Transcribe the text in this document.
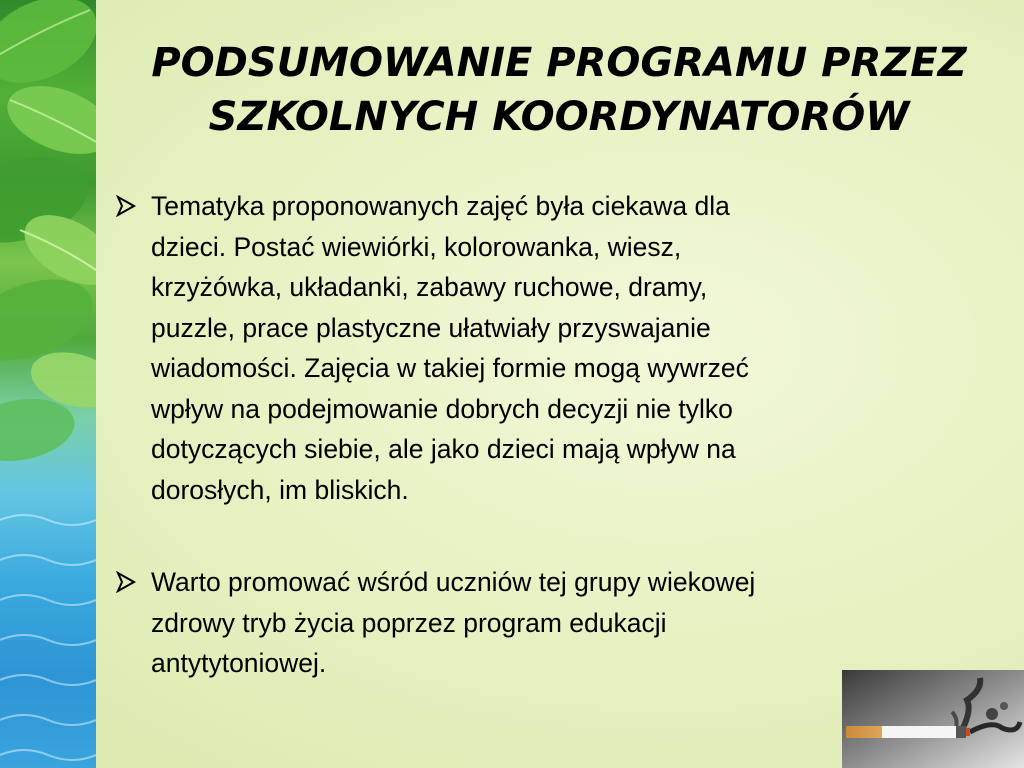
PODSUMOWANIE PROGRAMU PRZEZ
SZKOLNYCH KOORDYNATORÓW
Tematyka proponowanych zajęć była ciekawa dla
dzieci. Postać wiewiórki, kolorowanka, wiesz,
krzyżówka, układanki, zabawy ruchowe, dramy,
puzzle, prace plastyczne ułatwiały przyswajanie
wiadomości. Zajęcia w takiej formie mogą wywrzeć
wpływ na podejmowanie dobrych decyzji nie tylko
dotyczących siebie, ale jako dzieci mają wpływ na
dorosłych, im bliskich.
Warto promować wśród uczniów tej grupy wiekowej
zdrowy tryb życia poprzez program edukacji
antytytoniowej.
